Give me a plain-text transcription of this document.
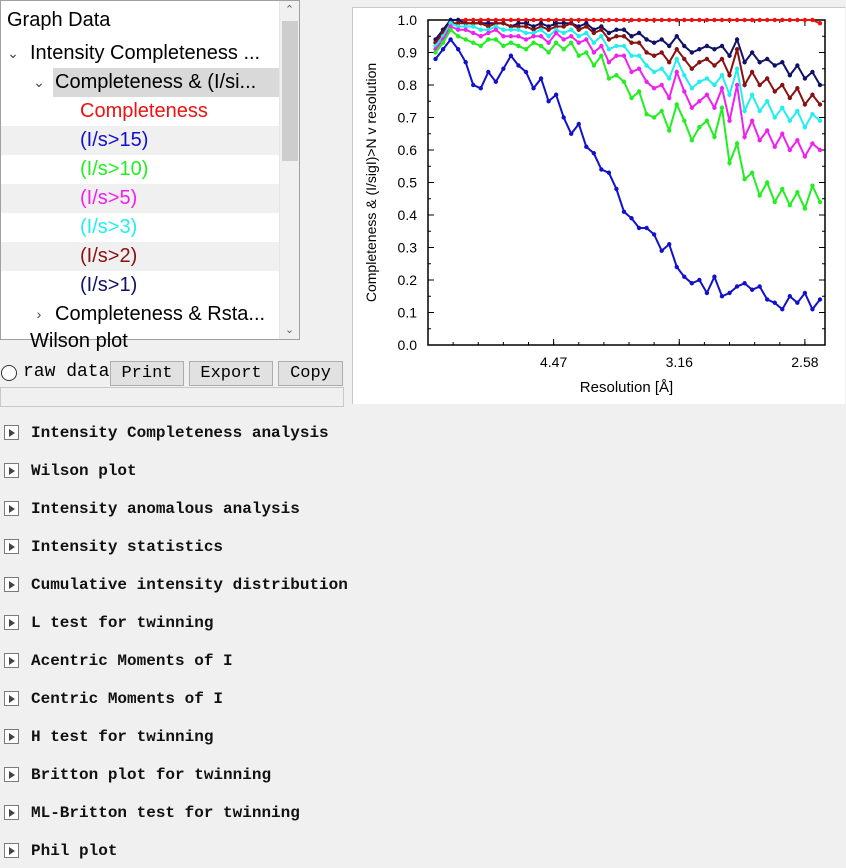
Graph Data
⌄ Intensity Completeness ...
Completeness & (I/si...
⌄
Completeness
(I/s>15)
(I/s>10)
(I/s>5)
(I/s>3)
(I/s>2)
(I/s>1)
› Completeness & Rsta...
Wilson plot
⌃
⌄
raw data Print	Export	Copy
0.0
0.1
0.2
0.3
0.4
0.5
0.6
0.7
0.8
0.9
1.0
4.47	3.16	2.58
Resolution [Å]
Completeness & (I/sigI)>N v resolution
Intensity Completeness analysis
Wilson plot
Intensity anomalous analysis
Intensity statistics
Cumulative intensity distribution
L test for twinning
Acentric Moments of I
Centric Moments of I
H test for twinning
Britton plot for twinning
ML-Britton test for twinning
Phil plot
